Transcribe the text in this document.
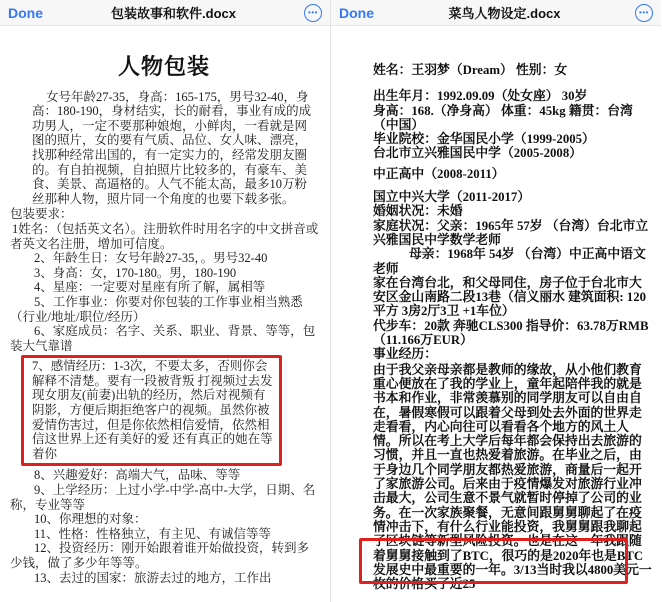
Done	包装故事和软件.docx	•••
人物包装

女号年龄27-35，身高：165-175，男号32-40，身高：180-190，身材结实，长的耐看，事业有成的成功男人，一定不要那种娘炮，小鲜肉，一看就是网图的照片，女的要有气质、品位、女人味、漂亮，找那种经常出国的，有一定实力的，经常发朋友圈的。有自拍视频，自拍照片比较多的，有豪车、美食、美景、高逼格的。人气不能太高，最多10万粉丝那种人物，照片同一个角度的也要下载多张。

包装要求：

1姓名：（包括英文名）。注册软件时用名字的中文拼音或者英文名注册，增加可信度。

2、年龄生日：女号年龄27-35，。男号32-40

3、身高：女，170-180。男，180-190

4、星座：一定要对星座有所了解，属相等

5、工作事业：你要对你包装的工作事业相当熟悉（行业/地址/职位/经历）

6、家庭成员：名字、关系、职业、背景、等等，包装大气靠谱

7、感情经历：1-3次，不要太多，否则你会解释不清楚。要有一段被背叛 打视频过去发现女朋友(前妻)出轨的经历，然后对视频有阴影，方便后期拒绝客户的视频。虽然你被爱情伤害过，但是你依然相信爱情，依然相信这世界上还有美好的爱 还有真正的她在等着你

8、兴趣爱好：高端大气，品味、等等

9、上学经历：上过小学-中学-高中-大学，日期、名称，专业等等

10、你理想的对象：

11、性格：性格独立，有主见、有诚信等等

12、投资经历：刚开始跟着谁开始做投资，转到多少钱，做了多少年等等。

13、去过的国家：旅游去过的地方，工作出

Done	菜鸟人物设定.docx	•••

姓名：王羽梦（Dream） 性别：女

出生年月：1992.09.09（处女座） 30岁

身高：168.（净身高） 体重：45kg 籍贯：台湾（中国）

毕业院校：金华国民小学（1999-2005）

台北市立兴雅国民中学（2005-2008）

中正高中（2008-2011）

国立中兴大学（2011-2017）

婚姻状况：未婚

家庭状况：父亲：1965年 57岁 （台湾）台北市立兴雅国民中学数学老师

母亲：1968年 54岁 （台湾）中正高中语文老师

家在台湾台北，和父母同住，房子位于台北市大安区金山南路二段13巷（信义丽水 建筑面积: 120平方 3房2厅3卫 +1车位）

代步车：20款 奔驰CLS300 指导价：63.78万RMB（11.166万EUR）

事业经历：

由于我父亲母亲都是教师的缘故，从小他们教育重心便放在了我的学业上，童年起陪伴我的就是书本和作业，非常羡慕别的同学朋友可以自由自在，暑假寒假可以跟着父母到处去外面的世界走走看看，内心向往可以看看各个地方的风土人情。所以在考上大学后每年都会保持出去旅游的习惯，并且一直也热爱着旅游。在毕业之后，由于身边几个同学朋友都热爱旅游，商量后一起开了家旅游公司。后来由于疫情爆发对旅游行业冲击最大，公司生意不景气就暂时停掉了公司的业务。在一次家族聚餐，无意间跟舅舅聊起了在疫情冲击下，有什么行业能投资，我舅舅跟我聊起了区块链等新型风险投资。也是在这一年我跟随着舅舅接触到了BTC，很巧的是2020年也是BTC发展史中最重要的一年。3/13当时我以4800美元一枚的价格买了近25
